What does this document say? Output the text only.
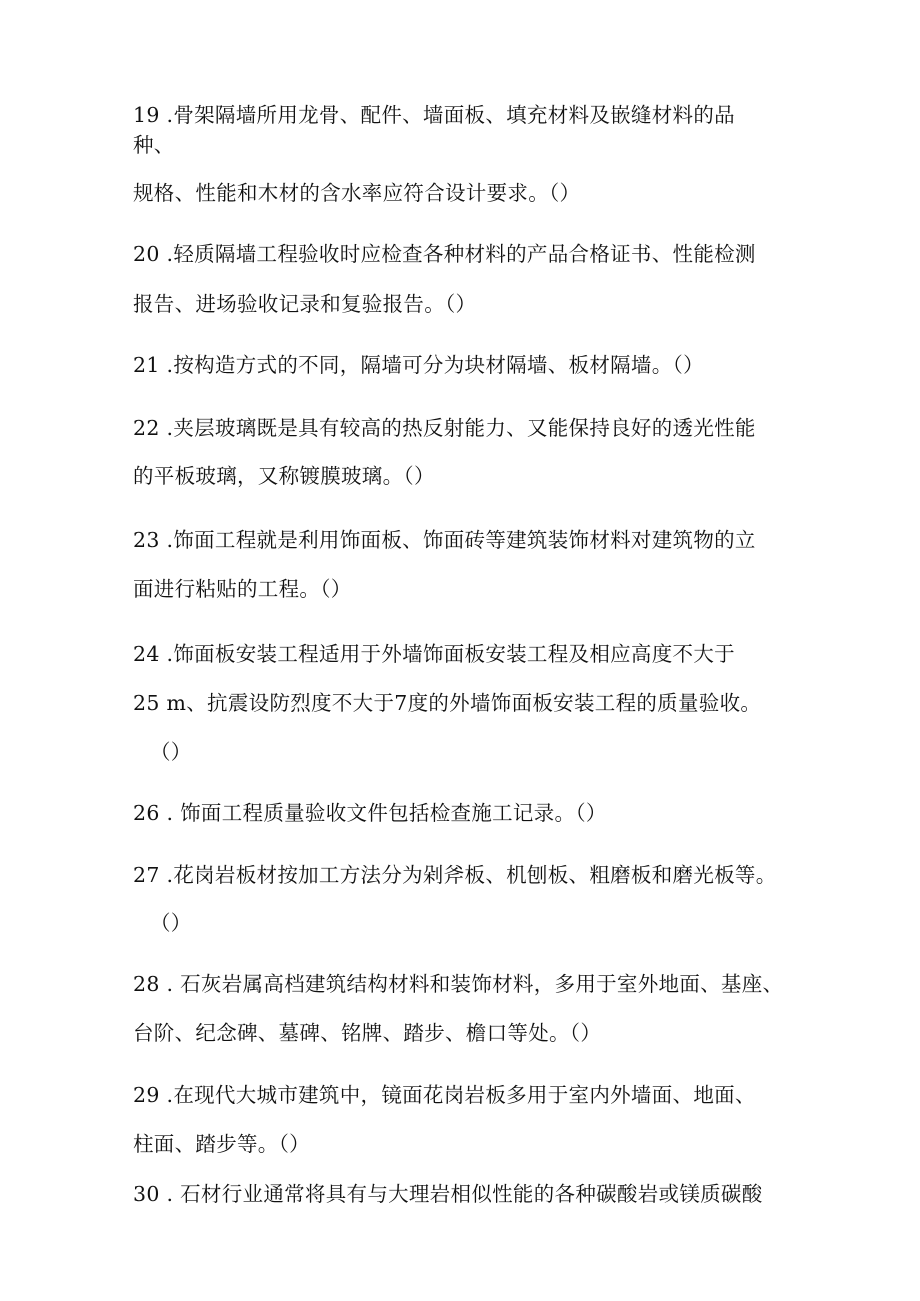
19 .骨架隔墙所用龙骨、配件、墙面板、填充材料及嵌缝材料的品
种、
规格、性能和木材的含水率应符合设计要求。（）
20 .轻质隔墙工程验收时应检查各种材料的产品合格证书、性能检测
报告、进场验收记录和复验报告。（）
21 .按构造方式的不同，隔墙可分为块材隔墙、板材隔墙。（）
22 .夹层玻璃既是具有较高的热反射能力、又能保持良好的透光性能
的平板玻璃，又称镀膜玻璃。（）
23 .饰面工程就是利用饰面板、饰面砖等建筑装饰材料对建筑物的立
面进行粘贴的工程。（）
24 .饰面板安装工程适用于外墙饰面板安装工程及相应高度不大于
25 m、抗震设防烈度不大于7度的外墙饰面板安装工程的质量验收。
（）
26 . 饰面工程质量验收文件包括检查施工记录。（）
27 .花岗岩板材按加工方法分为剁斧板、机刨板、粗磨板和磨光板等。
（）
28 . 石灰岩属高档建筑结构材料和装饰材料，多用于室外地面、基座、
台阶、纪念碑、墓碑、铭牌、踏步、檐口等处。（）
29 .在现代大城市建筑中，镜面花岗岩板多用于室内外墙面、地面、
柱面、踏步等。（）
30 . 石材行业通常将具有与大理岩相似性能的各种碳酸岩或镁质碳酸
